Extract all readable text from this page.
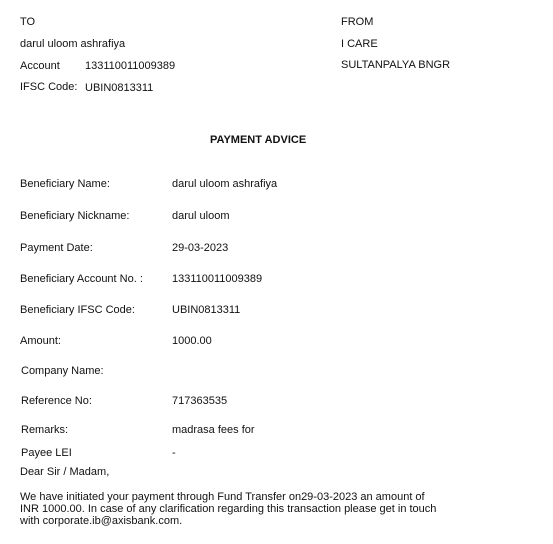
TO
darul uloom ashrafiya
Account 133110011009389
IFSC Code: UBIN0813311
FROM
I CARE
SULTANPALYA BNGR
PAYMENT ADVICE
Beneficiary Name:	darul uloom ashrafiya
Beneficiary Nickname:	darul uloom
Payment Date:	29-03-2023
Beneficiary Account No. :	133110011009389
Beneficiary IFSC Code:	UBIN0813311
Amount:	1000.00
Company Name:
Reference No:	717363535
Remarks:	madrasa fees for
Payee LEI	-
Dear Sir / Madam,
We have initiated your payment through Fund Transfer on29-03-2023 an amount of INR 1000.00. In case of any clarification regarding this transaction please get in touch with corporate.ib@axisbank.com.
